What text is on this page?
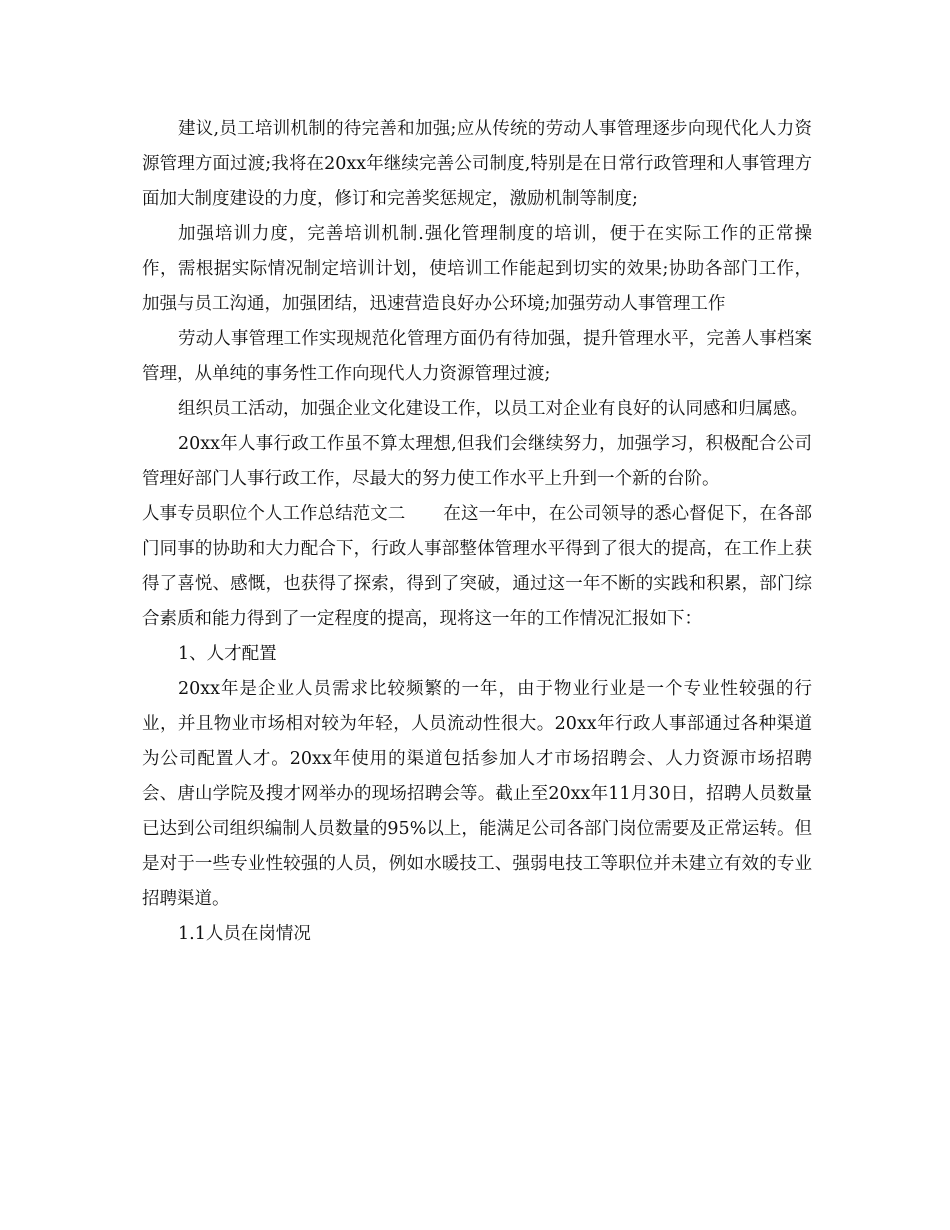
建议,员工培训机制的待完善和加强;应从传统的劳动人事管理逐步向现代化人力资源管理方面过渡;我将在20xx年继续完善公司制度,特别是在日常行政管理和人事管理方面加大制度建设的力度，修订和完善奖惩规定，激励机制等制度;

加强培训力度，完善培训机制.强化管理制度的培训，便于在实际工作的正常操作，需根据实际情况制定培训计划，使培训工作能起到切实的效果;协助各部门工作，加强与员工沟通，加强团结，迅速营造良好办公环境;加强劳动人事管理工作

劳动人事管理工作实现规范化管理方面仍有待加强，提升管理水平，完善人事档案管理，从单纯的事务性工作向现代人力资源管理过渡;

组织员工活动，加强企业文化建设工作，以员工对企业有良好的认同感和归属感。

20xx年人事行政工作虽不算太理想,但我们会继续努力，加强学习，积极配合公司管理好部门人事行政工作，尽最大的努力使工作水平上升到一个新的台阶。

人事专员职位个人工作总结范文二 在这一年中，在公司领导的悉心督促下，在各部门同事的协助和大力配合下，行政人事部整体管理水平得到了很大的提高，在工作上获得了喜悦、感慨，也获得了探索，得到了突破，通过这一年不断的实践和积累，部门综合素质和能力得到了一定程度的提高，现将这一年的工作情况汇报如下：

1、人才配置

20xx年是企业人员需求比较频繁的一年，由于物业行业是一个专业性较强的行业，并且物业市场相对较为年轻，人员流动性很大。20xx年行政人事部通过各种渠道为公司配置人才。20xx年使用的渠道包括参加人才市场招聘会、人力资源市场招聘会、唐山学院及搜才网举办的现场招聘会等。截止至20xx年11月30日，招聘人员数量已达到公司组织编制人员数量的95%以上，能满足公司各部门岗位需要及正常运转。但是对于一些专业性较强的人员，例如水暖技工、强弱电技工等职位并未建立有效的专业招聘渠道。

1.1人员在岗情况
